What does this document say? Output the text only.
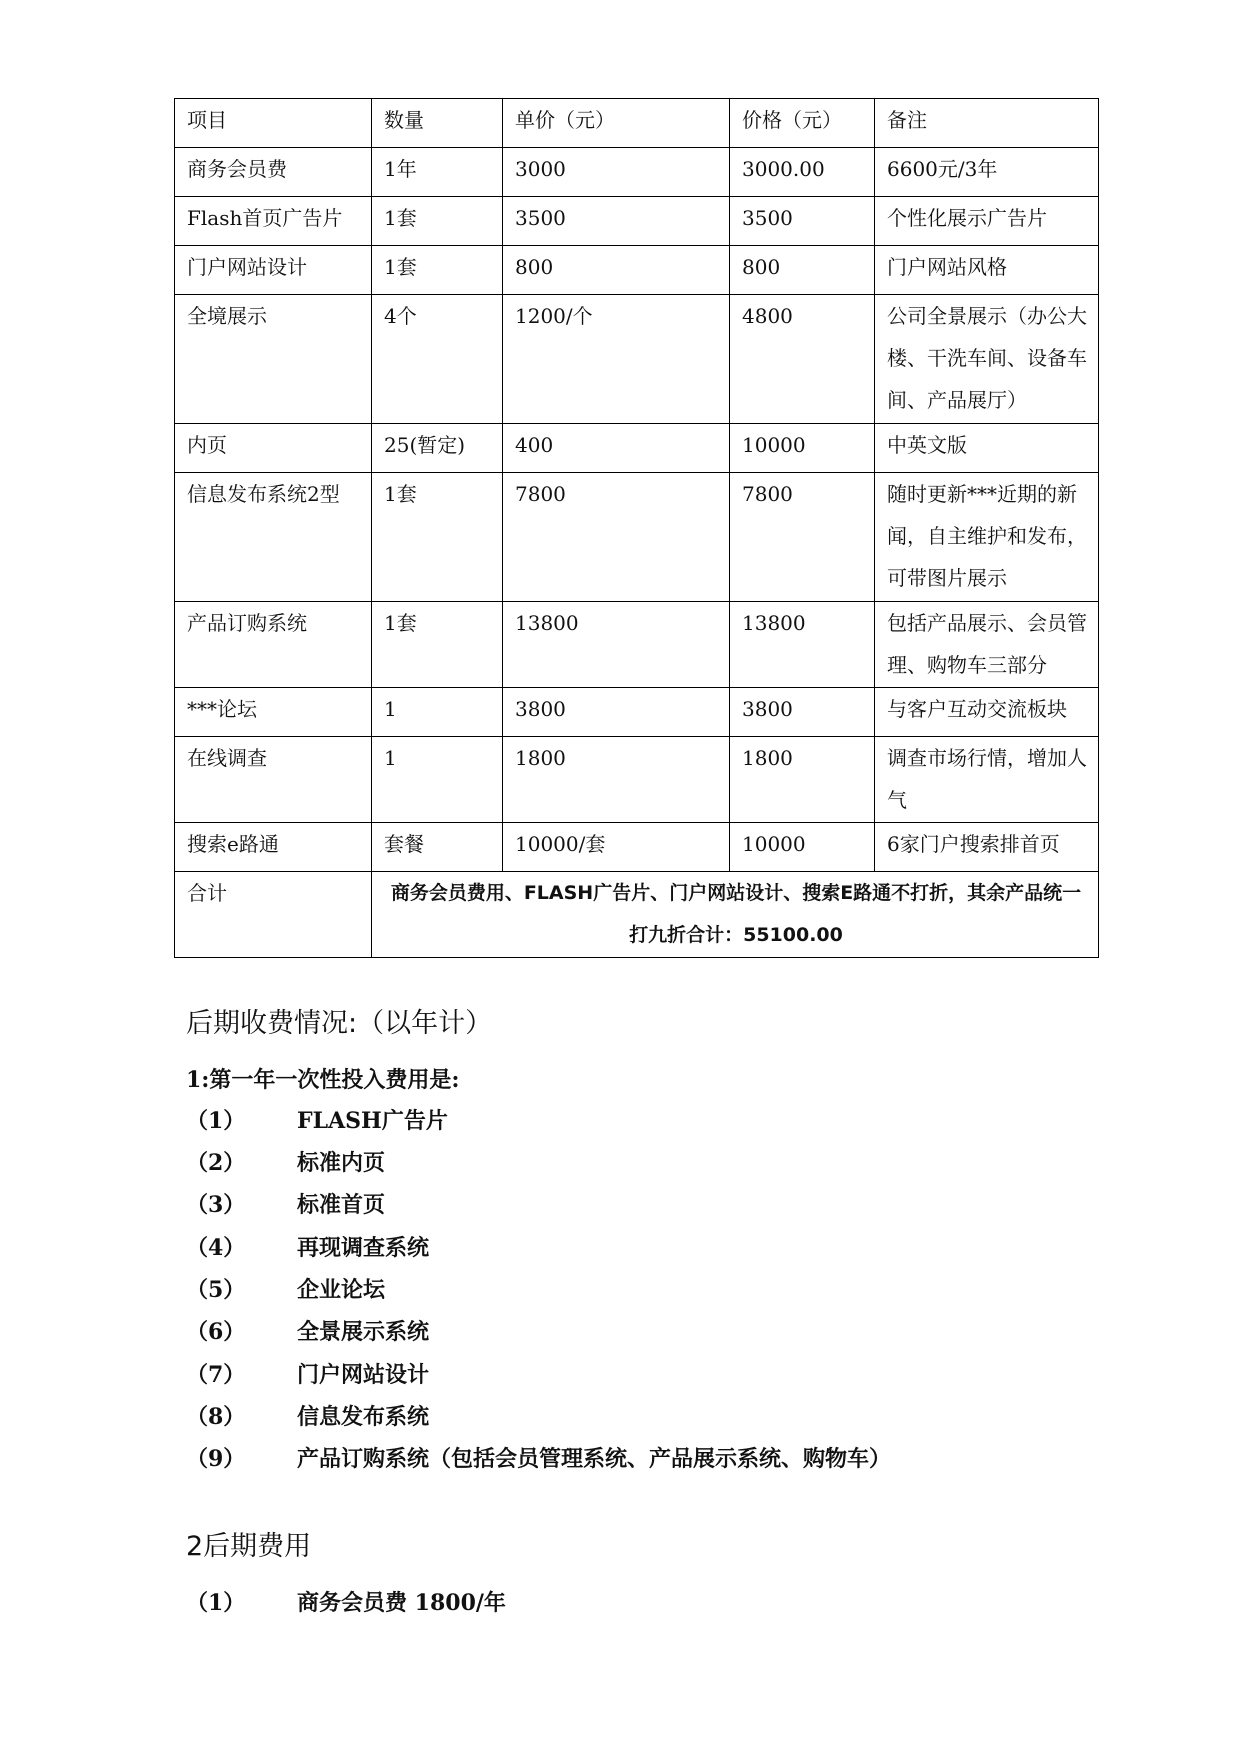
项目	数量	单价（元）	价格（元）	备注
商务会员费	1年	3000	3000.00	6600元/3年
Flash首页广告片	1套	3500	3500	个性化展示广告片
门户网站设计	1套	800	800	门户网站风格
全境展示	4个	1200/个	4800	公司全景展示（办公大楼、干洗车间、设备车间、产品展厅）
内页	25(暂定)	400	10000	中英文版
信息发布系统2型	1套	7800	7800	随时更新***近期的新闻，自主维护和发布，可带图片展示
产品订购系统	1套	13800	13800	包括产品展示、会员管理、购物车三部分
***论坛	1	3800	3800	与客户互动交流板块
在线调查	1	1800	1800	调查市场行情，增加人气
搜索e路通	套餐	10000/套	10000	6家门户搜索排首页
合计	商务会员费用、FLASH广告片、门户网站设计、搜索E路通不打折，其余产品统一打九折合计：55100.00			
后期收费情况:（以年计）
1:第一年一次性投入费用是:
（1） FLASH广告片
（2） 标准内页
（3） 标准首页
（4） 再现调查系统
（5） 企业论坛
（6） 全景展示系统
（7） 门户网站设计
（8） 信息发布系统
（9） 产品订购系统（包括会员管理系统、产品展示系统、购物车）
2后期费用
（1） 商务会员费 1800/年
